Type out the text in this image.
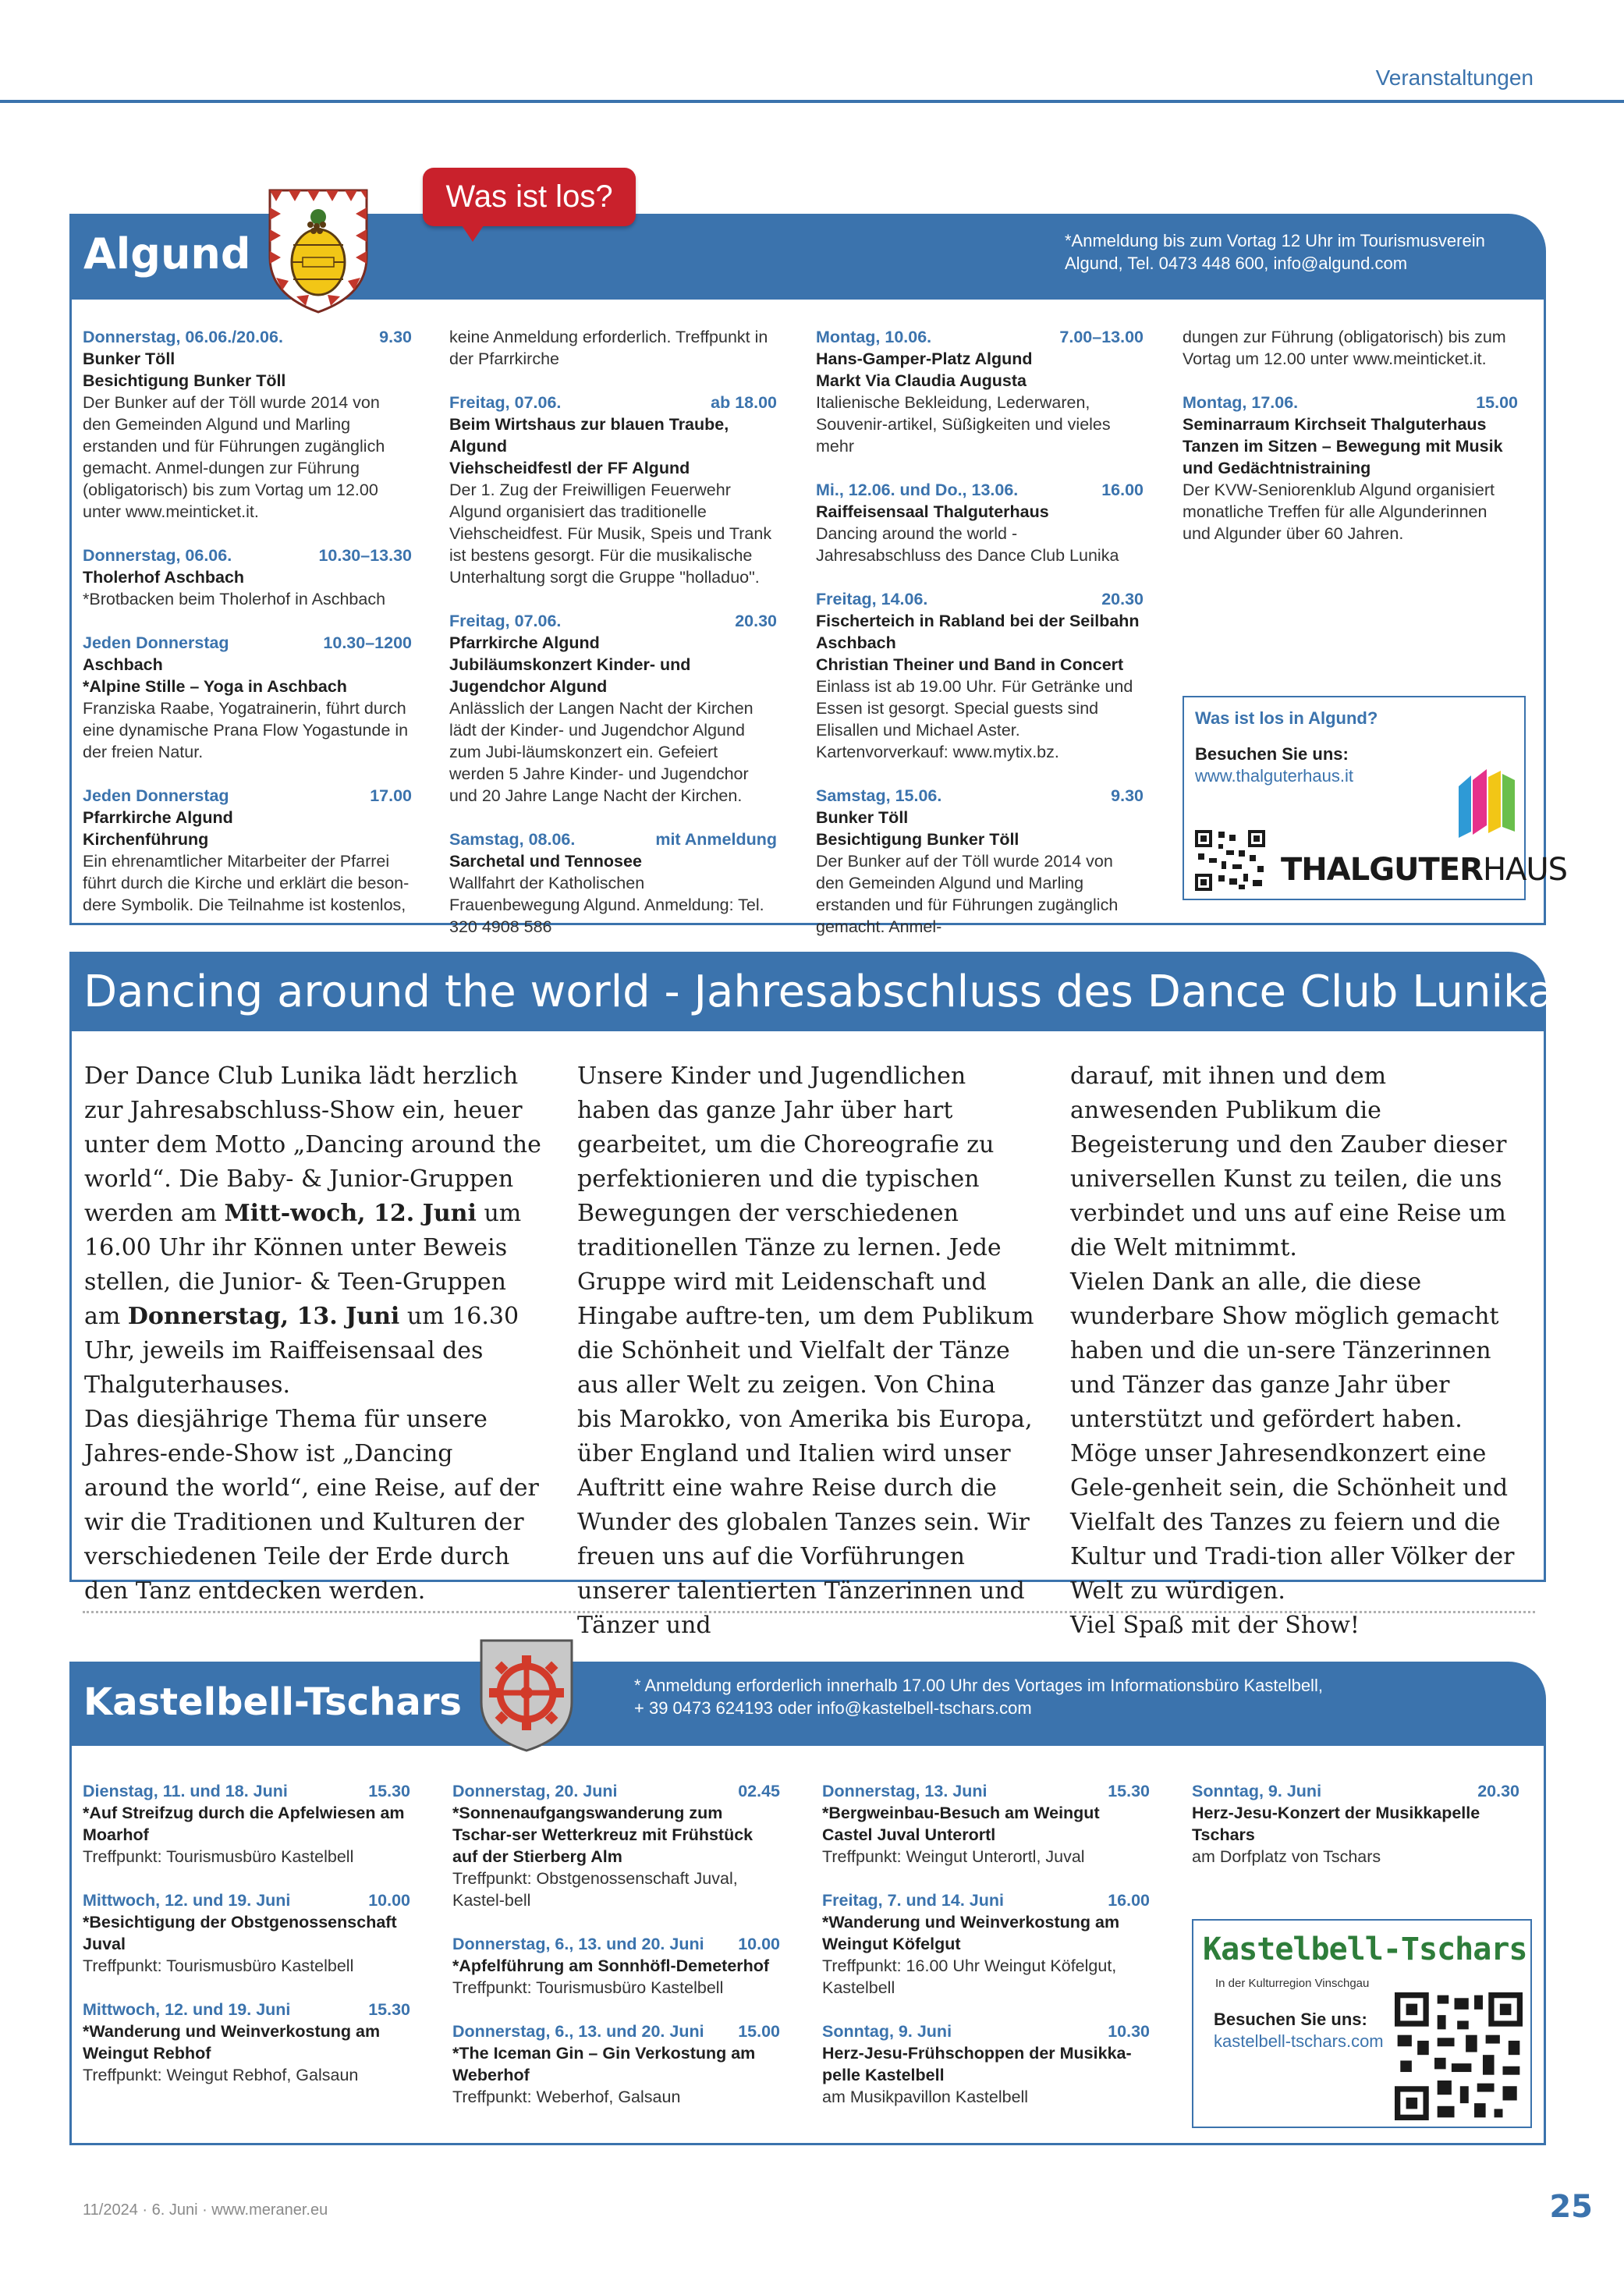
Veranstaltungen
Algund	*Anmeldung bis zum Vortag 12 Uhr im Tourismusverein
Algund, Tel. 0473 448 600, info@algund.com
Was ist los?
Donnerstag, 06.06./20.06.	9.30
Bunker Töll
Besichtigung Bunker Töll
Der Bunker auf der Töll wurde 2014 von den Gemeinden Algund und Marling erstanden und für Führungen zugänglich gemacht. Anmel-dungen zur Führung (obligatorisch) bis zum Vortag um 12.00 unter www.meinticket.it.
Donnerstag, 06.06.	10.30–13.30
Tholerhof Aschbach
*Brotbacken beim Tholerhof in Aschbach
Jeden Donnerstag	10.30–1200
Aschbach
*Alpine Stille – Yoga in Aschbach
Franziska Raabe, Yogatrainerin, führt durch eine dynamische Prana Flow Yogastunde in der freien Natur.
Jeden Donnerstag	17.00
Pfarrkirche Algund
Kirchenführung
Ein ehrenamtlicher Mitarbeiter der Pfarrei führt durch die Kirche und erklärt die beson-dere Symbolik. Die Teilnahme ist kostenlos,
keine Anmeldung erforderlich. Treffpunkt in der Pfarrkirche
Freitag, 07.06.	ab 18.00
Beim Wirtshaus zur blauen Traube, Algund
Viehscheidfestl der FF Algund
Der 1. Zug der Freiwilligen Feuerwehr Algund organisiert das traditionelle Viehscheidfest. Für Musik, Speis und Trank ist bestens gesorgt. Für die musikalische Unterhaltung sorgt die Gruppe "holladuo".
Freitag, 07.06.	20.30
Pfarrkirche Algund
Jubiläumskonzert Kinder- und Jugendchor Algund
Anlässlich der Langen Nacht der Kirchen lädt der Kinder- und Jugendchor Algund zum Jubi-läumskonzert ein. Gefeiert werden 5 Jahre Kinder- und Jugendchor und 20 Jahre Lange Nacht der Kirchen.
Samstag, 08.06.	mit Anmeldung
Sarchetal und Tennosee
Wallfahrt der Katholischen Frauenbewegung Algund. Anmeldung: Tel. 320 4908 586
Montag, 10.06.	7.00–13.00
Hans-Gamper-Platz Algund
Markt Via Claudia Augusta
Italienische Bekleidung, Lederwaren, Souvenir-artikel, Süßigkeiten und vieles mehr
Mi., 12.06. und Do., 13.06.	16.00
Raiffeisensaal Thalguterhaus
Dancing around the world - Jahresabschluss des Dance Club Lunika
Freitag, 14.06.	20.30
Fischerteich in Rabland bei der Seilbahn Aschbach
Christian Theiner und Band in Concert
Einlass ist ab 19.00 Uhr. Für Getränke und Essen ist gesorgt. Special guests sind Elisallen und Michael Aster. Kartenvorverkauf: www.mytix.bz.
Samstag, 15.06.	9.30
Bunker Töll
Besichtigung Bunker Töll
Der Bunker auf der Töll wurde 2014 von den Gemeinden Algund und Marling erstanden und für Führungen zugänglich gemacht. Anmel-
dungen zur Führung (obligatorisch) bis zum Vortag um 12.00 unter www.meinticket.it.
Montag, 17.06.	15.00
Seminarraum Kirchseit Thalguterhaus
Tanzen im Sitzen – Bewegung mit Musik und Gedächtnistraining
Der KVW-Seniorenklub Algund organisiert monatliche Treffen für alle Algunderinnen und Algunder über 60 Jahren.
Was ist los in Algund?
Besuchen Sie uns:
www.thalguterhaus.it
THALGUTERHAUS
Dancing around the world - Jahresabschluss des Dance Club Lunika
Der Dance Club Lunika lädt herzlich zur Jahresabschluss-Show ein, heuer unter dem Motto „Dancing around the world“. Die Baby- & Junior-Gruppen werden am Mitt-woch, 12. Juni um 16.00 Uhr ihr Können unter Beweis stellen, die Junior- & Teen-Gruppen am Donnerstag, 13. Juni um 16.30 Uhr, jeweils im Raiffeisensaal des Thalguterhauses.
Das diesjährige Thema für unsere Jahres-ende-Show ist „Dancing around the world“, eine Reise, auf der wir die Traditionen und Kulturen der verschiedenen Teile der Erde durch den Tanz entdecken werden.
Unsere Kinder und Jugendlichen haben das ganze Jahr über hart gearbeitet, um die Choreografie zu perfektionieren und die typischen Bewegungen der verschiedenen traditionellen Tänze zu lernen. Jede Gruppe wird mit Leidenschaft und Hingabe auftre-ten, um dem Publikum die Schönheit und Vielfalt der Tänze aus aller Welt zu zeigen. Von China bis Marokko, von Amerika bis Europa, über England und Italien wird unser Auftritt eine wahre Reise durch die Wunder des globalen Tanzes sein. Wir freuen uns auf die Vorführungen unserer talentierten Tänzerinnen und Tänzer und
darauf, mit ihnen und dem anwesenden Publikum die Begeisterung und den Zauber dieser universellen Kunst zu teilen, die uns verbindet und uns auf eine Reise um die Welt mitnimmt.
Vielen Dank an alle, die diese wunderbare Show möglich gemacht haben und die un-sere Tänzerinnen und Tänzer das ganze Jahr über unterstützt und gefördert haben. Möge unser Jahresendkonzert eine Gele-genheit sein, die Schönheit und Vielfalt des Tanzes zu feiern und die Kultur und Tradi-tion aller Völker der Welt zu würdigen.
Viel Spaß mit der Show!
Kastelbell-Tschars	* Anmeldung erforderlich innerhalb 17.00 Uhr des Vortages im Informationsbüro Kastelbell,
+ 39 0473 624193 oder info@kastelbell-tschars.com
Dienstag, 11. und 18. Juni	15.30
*Auf Streifzug durch die Apfelwiesen am Moarhof
Treffpunkt: Tourismusbüro Kastelbell
Mittwoch, 12. und 19. Juni	10.00
*Besichtigung der Obstgenossenschaft Juval
Treffpunkt: Tourismusbüro Kastelbell
Mittwoch, 12. und 19. Juni	15.30
*Wanderung und Weinverkostung am Weingut Rebhof
Treffpunkt: Weingut Rebhof, Galsaun
Donnerstag, 20. Juni	02.45
*Sonnenaufgangswanderung zum Tschar-ser Wetterkreuz mit Frühstück auf der Stierberg Alm
Treffpunkt: Obstgenossenschaft Juval, Kastel-bell
Donnerstag, 6., 13. und 20. Juni 10.00
*Apfelführung am Sonnhöfl-Demeterhof
Treffpunkt: Tourismusbüro Kastelbell
Donnerstag, 6., 13. und 20. Juni 15.00
*The Iceman Gin – Gin Verkostung am Weberhof
Treffpunkt: Weberhof, Galsaun
Donnerstag, 13. Juni	15.30
*Bergweinbau-Besuch am Weingut Castel Juval Unterortl
Treffpunkt: Weingut Unterortl, Juval
Freitag, 7. und 14. Juni	16.00
*Wanderung und Weinverkostung am Weingut Köfelgut
Treffpunkt: 16.00 Uhr Weingut Köfelgut, Kastelbell
Sonntag, 9. Juni	10.30
Herz-Jesu-Frühschoppen der Musikka-pelle Kastelbell
am Musikpavillon Kastelbell
Sonntag, 9. Juni	20.30
Herz-Jesu-Konzert der Musikkapelle Tschars
am Dorfplatz von Tschars
Kastelbell-Tschars
In der Kulturregion Vinschgau
Besuchen Sie uns:
kastelbell-tschars.com
11/2024 · 6. Juni · www.meraner.eu	25
